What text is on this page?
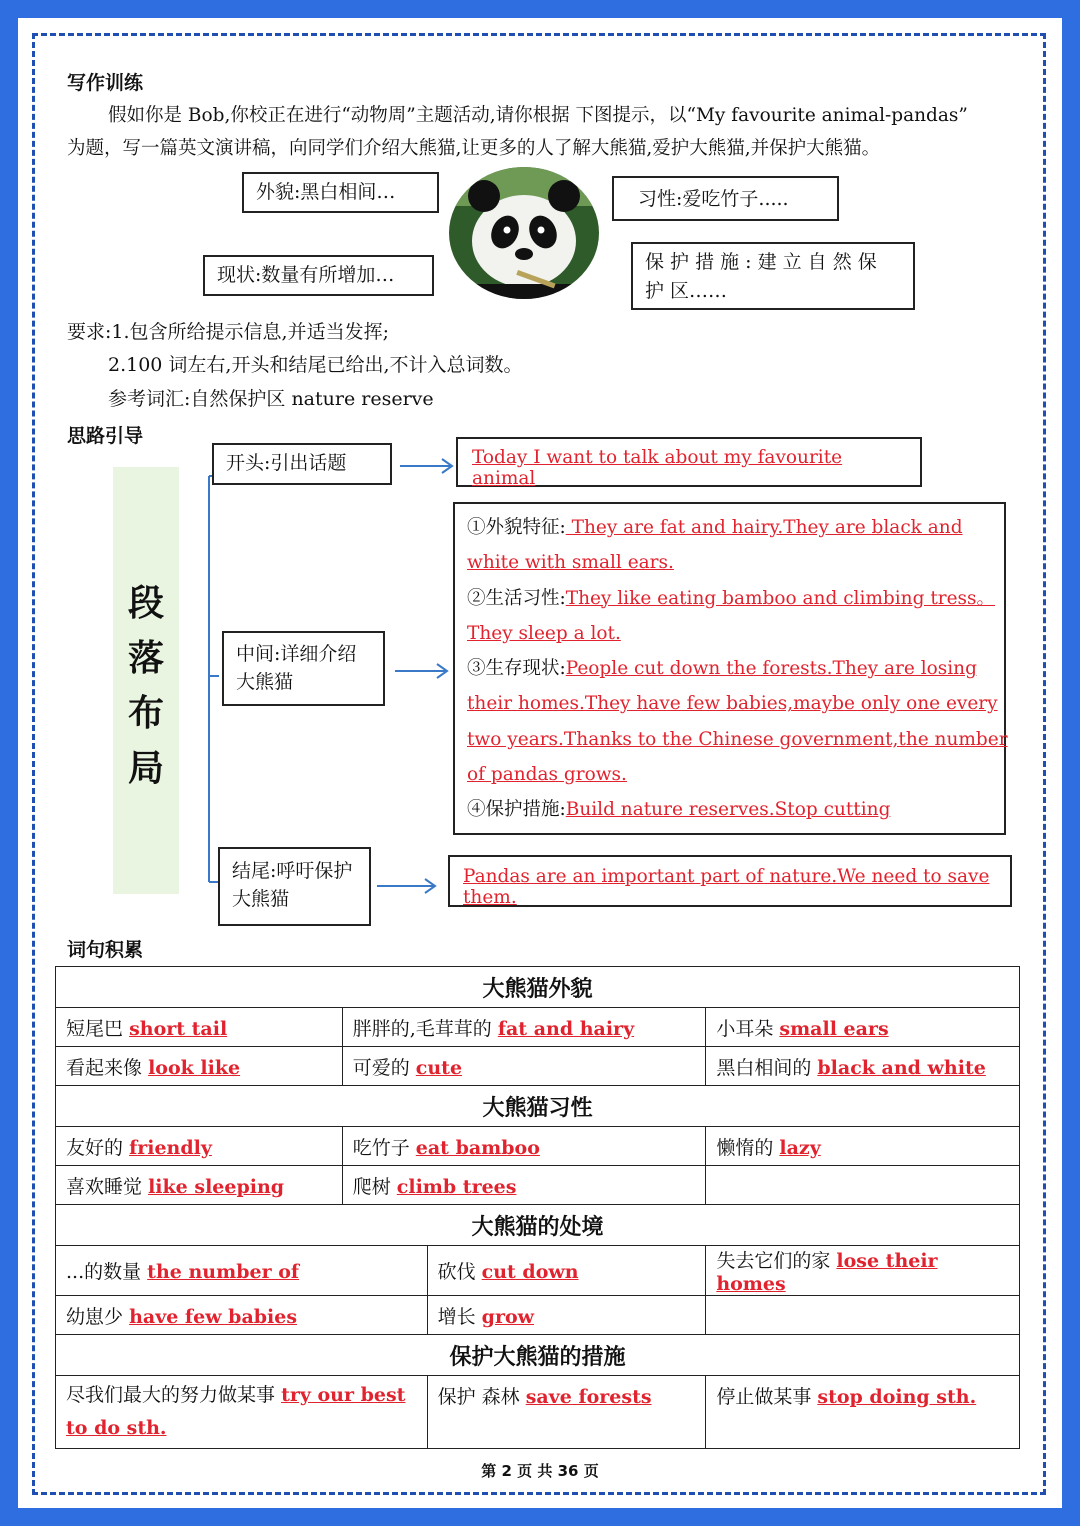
写作训练
假如你是 Bob,你校正在进行“动物周”主题活动,请你根据 下图提示，以“My favourite animal-pandas”
为题，写一篇英文演讲稿，向同学们介绍大熊猫,让更多的人了解大熊猫,爱护大熊猫,并保护大熊猫。
外貌:黑白相间…	习性:爱吃竹子.....
现状:数量有所增加…
保 护 措 施 : 建 立 自 然 保 护 区……
要求:1.包含所给提示信息,并适当发挥;
2.100 词左右,开头和结尾已给出,不计入总词数。
参考词汇:自然保护区 nature reserve
思路引导
段
落
布
局
开头:引出话题
中间:详细介绍大熊猫
结尾:呼吁保护大熊猫
Today I want to talk about my favourite animal
①外貌特征: They are fat and hairy.They are black and
white with small ears.
②生活习性:They like eating bamboo and climbing tress。
They sleep a lot.
③生存现状:People cut down the forests.They are losing
their homes.They have few babies,maybe only one every
two years.Thanks to the Chinese government,the number
of pandas grows.
④保护措施:Build nature reserves.Stop cutting
Pandas are an important part of nature.We need to save them.
词句积累
大熊猫外貌			
短尾巴 short tail	胖胖的,毛茸茸的 fat and hairy		小耳朵 small ears
看起来像 look like	可爱的 cute		黑白相间的 black and white
大熊猫习性			
友好的 friendly	吃竹子 eat bamboo		懒惰的 lazy
喜欢睡觉 like sleeping	爬树 climb trees		
大熊猫的处境			
...的数量 the number of		砍伐 cut down	失去它们的家 lose their homes
幼崽少 have few babies		增长 grow	
保护大熊猫的措施			
尽我们最大的努力做某事 try our best to do sth.		保护 森林 save forests	停止做某事 stop doing sth.
第 2 页 共 36 页
